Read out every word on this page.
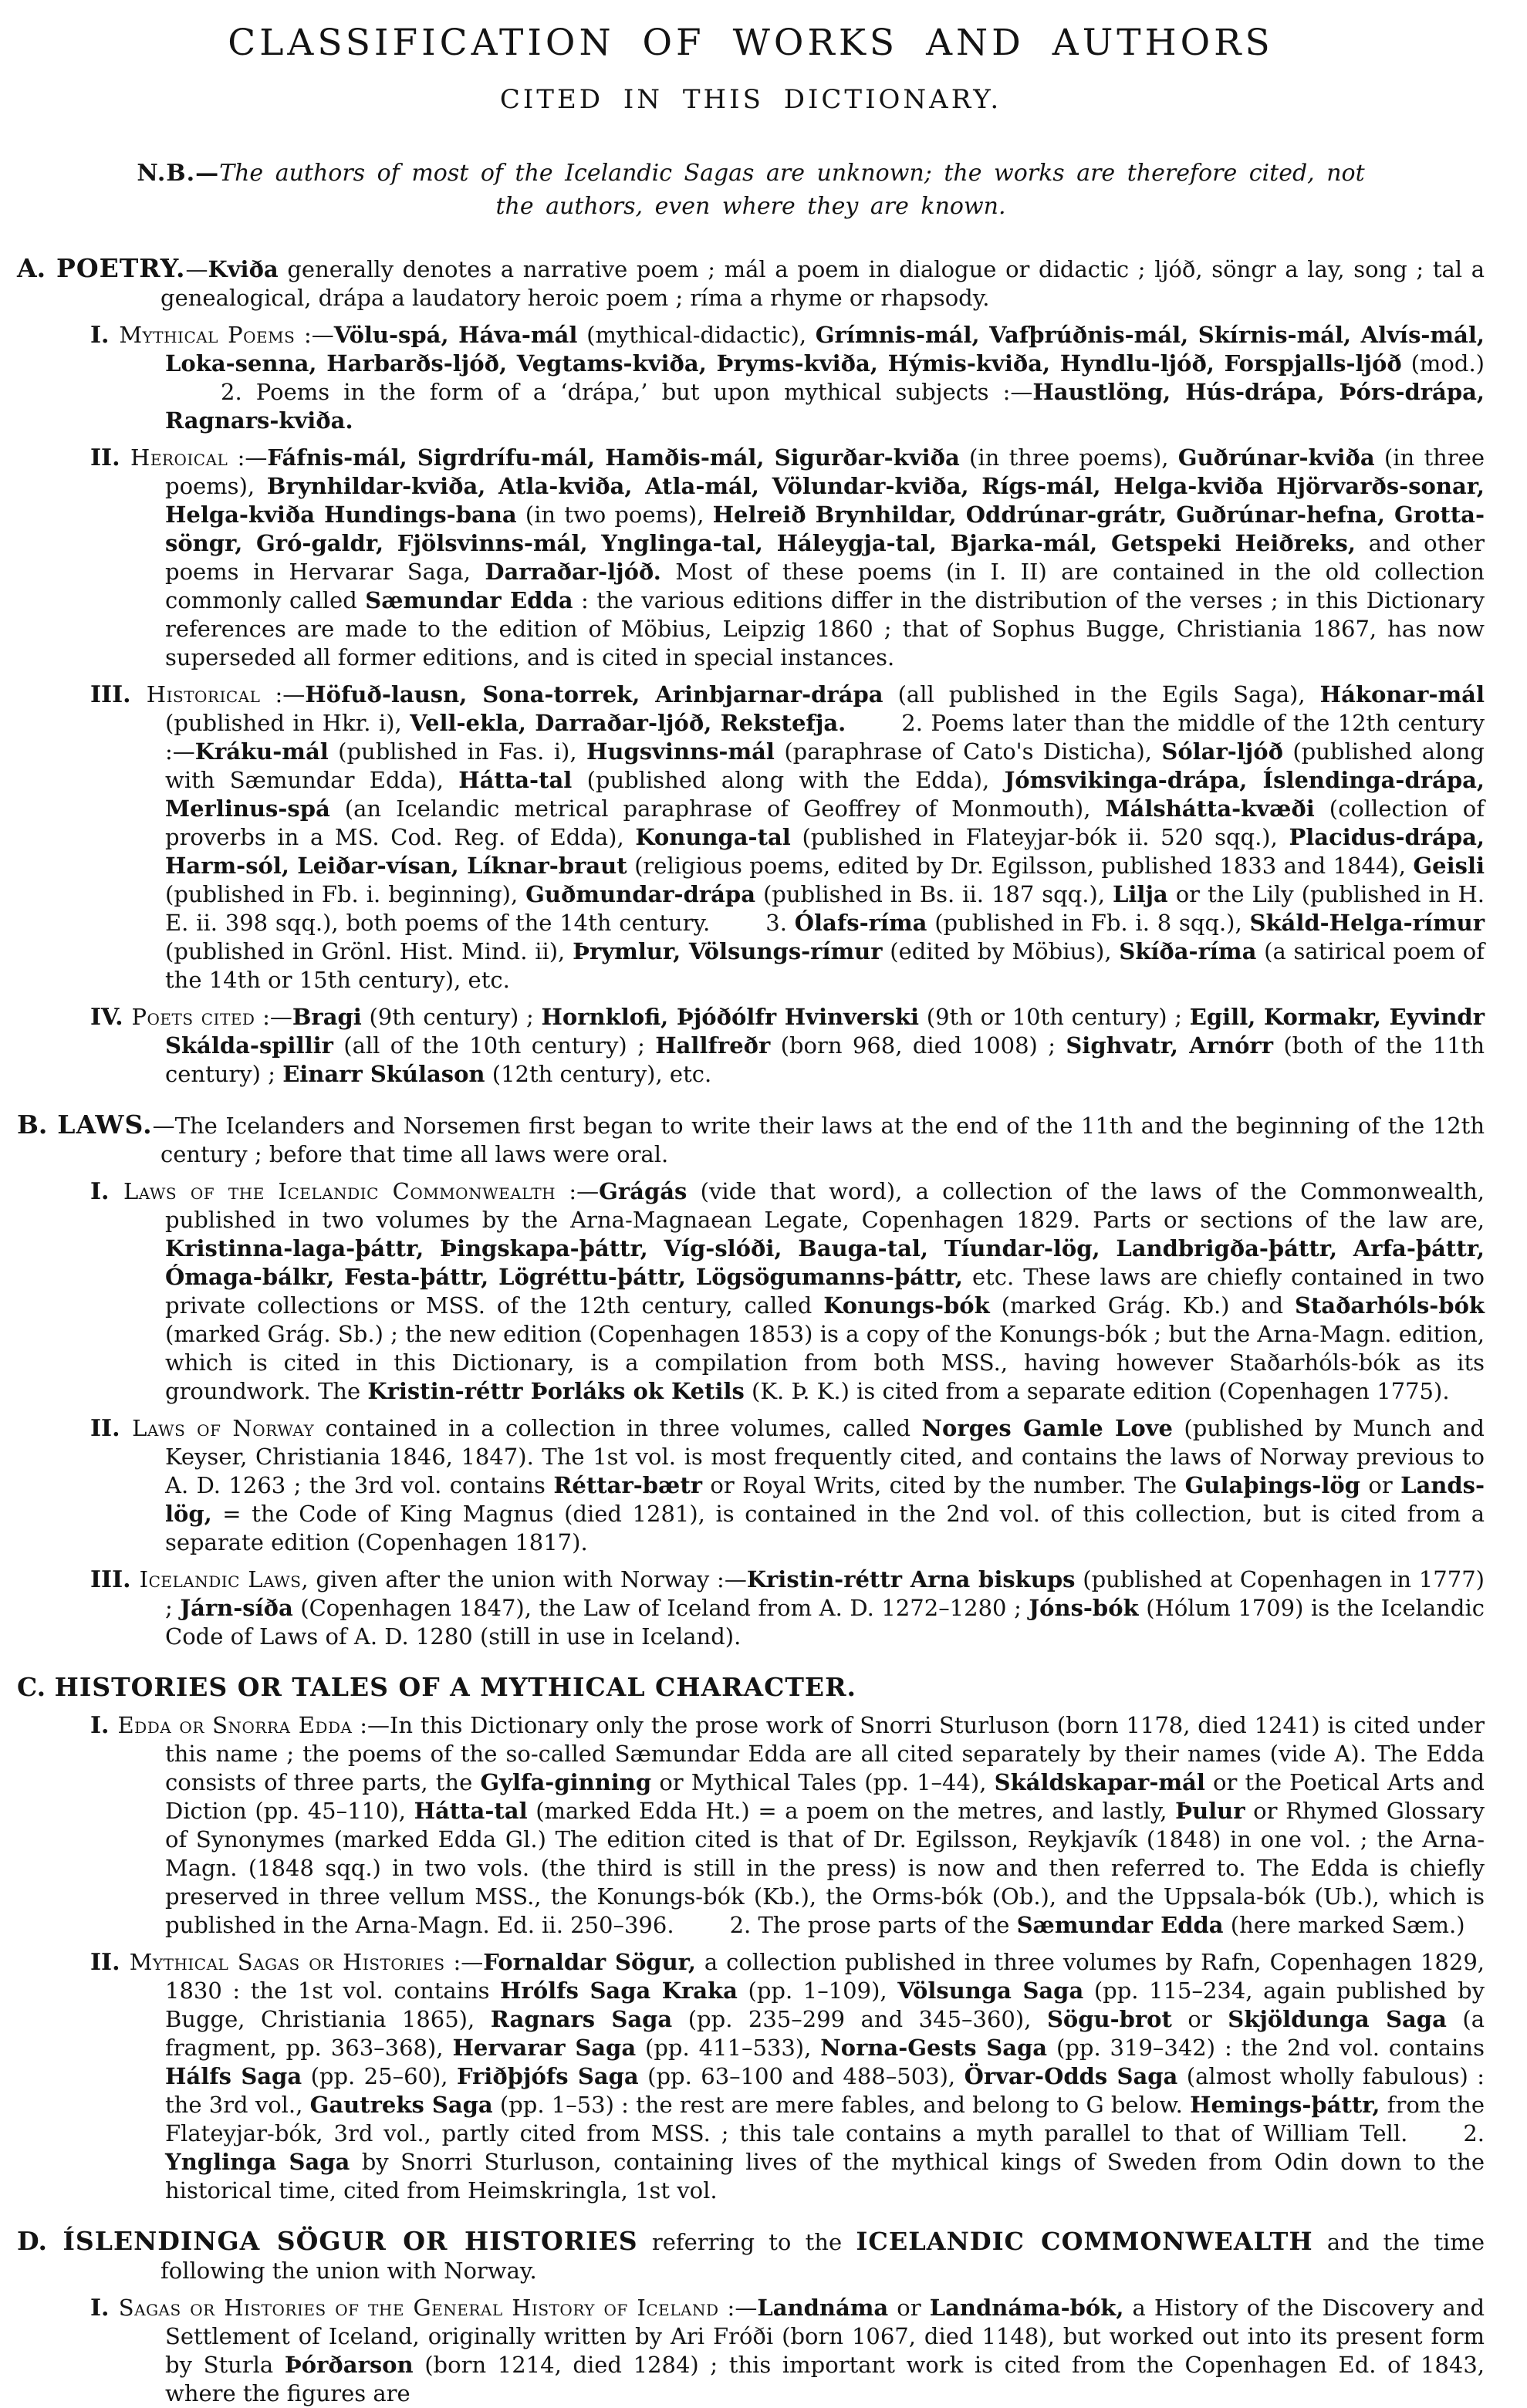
CLASSIFICATION OF WORKS AND AUTHORS
CITED IN THIS DICTIONARY.

N.B.—The authors of most of the Icelandic Sagas are unknown; the works are therefore cited, not the authors, even where they are known.

A. POETRY.—Kviða generally denotes a narrative poem ; mál a poem in dialogue or didactic ; ljóð, söngr a lay, song ; tal a genealogical, drápa a laudatory heroic poem ; ríma a rhyme or rhapsody.

I. Mythical Poems :—Völu-spá, Háva-mál (mythical-didactic), Grímnis-mál, Vafþrúðnis-mál, Skírnis-mál, Alvís-mál, Loka-senna, Harbarðs-ljóð, Vegtams-kviða, Þryms-kviða, Hýmis-kviða, Hyndlu-ljóð, Forspjalls-ljóð (mod.)2. Poems in the form of a ‘drápa,’ but upon mythical subjects :—Haustlöng, Hús-drápa, Þórs-drápa, Ragnars-kviða.

II. Heroical :—Fáfnis-mál, Sigrdrífu-mál, Hamðis-mál, Sigurðar-kviða (in three poems), Guðrúnar-kviða (in three poems), Brynhildar-kviða, Atla-kviða, Atla-mál, Völundar-kviða, Rígs-mál, Helga-kviða Hjörvarðs-sonar, Helga-kviða Hundings-bana (in two poems), Helreið Brynhildar, Oddrúnar-grátr, Guðrúnar-hefna, Grotta-söngr, Gró-galdr, Fjölsvinns-mál, Ynglinga-tal, Háleygja-tal, Bjarka-mál, Getspeki Heiðreks, and other poems in Hervarar Saga, Darraðar-ljóð. Most of these poems (in I. II) are contained in the old collection commonly called Sæmundar Edda : the various editions differ in the distribution of the verses ; in this Dictionary references are made to the edition of Möbius, Leipzig 1860 ; that of Sophus Bugge, Christiania 1867, has now superseded all former editions, and is cited in special instances.

III. Historical :—Höfuð-lausn, Sona-torrek, Arinbjarnar-drápa (all published in the Egils Saga), Hákonar-mál (published in Hkr. i), Vell-ekla, Darraðar-ljóð, Rekstefja. 2. Poems later than the middle of the 12th century :—Kráku-mál (published in Fas. i), Hugsvinns-mál (paraphrase of Cato's Disticha), Sólar-ljóð (published along with Sæmundar Edda), Hátta-tal (published along with the Edda), Jómsvikinga-drápa, Íslendinga-drápa, Merlinus-spá (an Icelandic metrical paraphrase of Geoffrey of Monmouth), Málshátta-kvæði (collection of proverbs in a MS. Cod. Reg. of Edda), Konunga-tal (published in Flateyjar-bók ii. 520 sqq.), Placidus-drápa, Harm-sól, Leiðar-vísan, Líknar-braut (religious poems, edited by Dr. Egilsson, published 1833 and 1844), Geisli (published in Fb. i. beginning), Guðmundar-drápa (published in Bs. ii. 187 sqq.), Lilja or the Lily (published in H. E. ii. 398 sqq.), both poems of the 14th century. 3. Ólafs-ríma (published in Fb. i. 8 sqq.), Skáld-Helga-rímur (published in Grönl. Hist. Mind. ii), Þrymlur, Völsungs-rímur (edited by Möbius), Skíða-ríma (a satirical poem of the 14th or 15th century), etc.

IV. Poets cited :—Bragi (9th century) ; Hornklofi, Þjóðólfr Hvinverski (9th or 10th century) ; Egill, Kormakr, Eyvindr Skálda-spillir (all of the 10th century) ; Hallfreðr (born 968, died 1008) ; Sighvatr, Arnórr (both of the 11th century) ; Einarr Skúlason (12th century), etc.

B. LAWS.—The Icelanders and Norsemen first began to write their laws at the end of the 11th and the beginning of the 12th century ; before that time all laws were oral.

I. Laws of the Icelandic Commonwealth :—Grágás (vide that word), a collection of the laws of the Commonwealth, published in two volumes by the Arna-Magnaean Legate, Copenhagen 1829. Parts or sections of the law are, Kristinna-laga-þáttr, Þingskapa-þáttr, Víg-slóði, Bauga-tal, Tíundar-lög, Landbrigða-þáttr, Arfa-þáttr, Ómaga-bálkr, Festa-þáttr, Lögréttu-þáttr, Lögsögumanns-þáttr, etc. These laws are chiefly contained in two private collections or MSS. of the 12th century, called Konungs-bók (marked Grág. Kb.) and Staðarhóls-bók (marked Grág. Sb.) ; the new edition (Copenhagen 1853) is a copy of the Konungs-bók ; but the Arna-Magn. edition, which is cited in this Dictionary, is a compilation from both MSS., having however Staðarhóls-bók as its groundwork. The Kristin-réttr Þorláks ok Ketils (K. Þ. K.) is cited from a separate edition (Copenhagen 1775).

II. Laws of Norway contained in a collection in three volumes, called Norges Gamle Love (published by Munch and Keyser, Christiania 1846, 1847). The 1st vol. is most frequently cited, and contains the laws of Norway previous to A. D. 1263 ; the 3rd vol. contains Réttar-bætr or Royal Writs, cited by the number. The Gulaþings-lög or Lands-lög, = the Code of King Magnus (died 1281), is contained in the 2nd vol. of this collection, but is cited from a separate edition (Copenhagen 1817).

III. Icelandic Laws, given after the union with Norway :—Kristin-réttr Arna biskups (published at Copenhagen in 1777) ; Járn-síða (Copenhagen 1847), the Law of Iceland from A. D. 1272–1280 ; Jóns-bók (Hólum 1709) is the Icelandic Code of Laws of A. D. 1280 (still in use in Iceland).

C. HISTORIES OR TALES OF A MYTHICAL CHARACTER.

I. Edda or Snorra Edda :—In this Dictionary only the prose work of Snorri Sturluson (born 1178, died 1241) is cited under this name ; the poems of the so-called Sæmundar Edda are all cited separately by their names (vide A). The Edda consists of three parts, the Gylfa-ginning or Mythical Tales (pp. 1–44), Skáldskapar-mál or the Poetical Arts and Diction (pp. 45–110), Hátta-tal (marked Edda Ht.) = a poem on the metres, and lastly, Þulur or Rhymed Glossary of Synonymes (marked Edda Gl.) The edition cited is that of Dr. Egilsson, Reykjavík (1848) in one vol. ; the Arna-Magn. (1848 sqq.) in two vols. (the third is still in the press) is now and then referred to. The Edda is chiefly preserved in three vellum MSS., the Konungs-bók (Kb.), the Orms-bók (Ob.), and the Uppsala-bók (Ub.), which is published in the Arna-Magn. Ed. ii. 250–396. 2. The prose parts of the Sæmundar Edda (here marked Sæm.)

II. Mythical Sagas or Histories :—Fornaldar Sögur, a collection published in three volumes by Rafn, Copenhagen 1829, 1830 : the 1st vol. contains Hrólfs Saga Kraka (pp. 1–109), Völsunga Saga (pp. 115–234, again published by Bugge, Christiania 1865), Ragnars Saga (pp. 235–299 and 345–360), Sögu-brot or Skjöldunga Saga (a fragment, pp. 363–368), Hervarar Saga (pp. 411–533), Norna-Gests Saga (pp. 319–342) : the 2nd vol. contains Hálfs Saga (pp. 25–60), Friðþjófs Saga (pp. 63–100 and 488–503), Örvar-Odds Saga (almost wholly fabulous) : the 3rd vol., Gautreks Saga (pp. 1–53) : the rest are mere fables, and belong to G below. Hemings-þáttr, from the Flateyjar-bók, 3rd vol., partly cited from MSS. ; this tale contains a myth parallel to that of William Tell. 2. Ynglinga Saga by Snorri Sturluson, containing lives of the mythical kings of Sweden from Odin down to the historical time, cited from Heimskringla, 1st vol.

D. ÍSLENDINGA SÖGUR OR HISTORIES referring to the ICELANDIC COMMONWEALTH and the time following the union with Norway.

I. Sagas or Histories of the General History of Iceland :—Landnáma or Landnáma-bók, a History of the Discovery and Settlement of Iceland, originally written by Ari Fróði (born 1067, died 1148), but worked out into its present form by Sturla Þórðarson (born 1214, died 1284) ; this important work is cited from the Copenhagen Ed. of 1843, where the figures are
